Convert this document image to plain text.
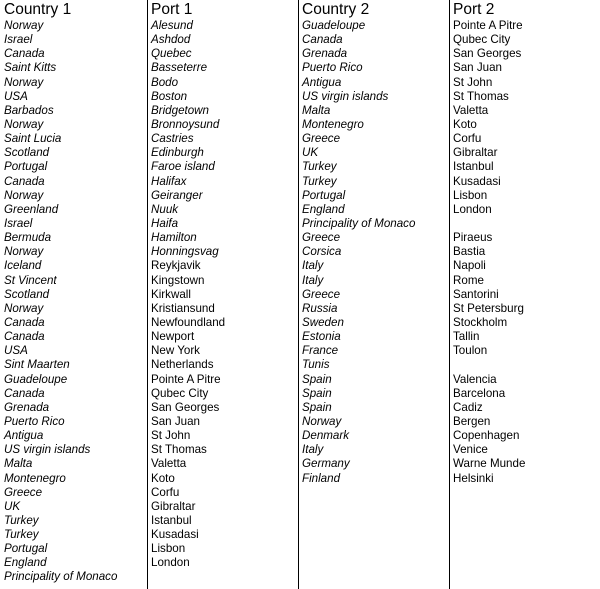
Country 1
Norway
Israel
Canada
Saint Kitts
Norway
USA
Barbados
Norway
Saint Lucia
Scotland
Portugal
Canada
Norway
Greenland
Israel
Bermuda
Norway
Iceland
St Vincent
Scotland
Norway
Canada
Canada
USA
Sint Maarten
Guadeloupe
Canada
Grenada
Puerto Rico
Antigua
US virgin islands
Malta
Montenegro
Greece
UK
Turkey
Turkey
Portugal
England
Principality of Monaco
Port 1
Alesund
Ashdod
Quebec
Basseterre
Bodo
Boston
Bridgetown
Bronnoysund
Castries
Edinburgh
Faroe island
Halifax
Geiranger
Nuuk
Haifa
Hamilton
Honningsvag
Reykjavik
Kingstown
Kirkwall
Kristiansund
Newfoundland
Newport
New York
Netherlands
Pointe A Pitre
Qubec City
San Georges
San Juan
St John
St Thomas
Valetta
Koto
Corfu
Gibraltar
Istanbul
Kusadasi
Lisbon
London
Country 2
Guadeloupe
Canada
Grenada
Puerto Rico
Antigua
US virgin islands
Malta
Montenegro
Greece
UK
Turkey
Turkey
Portugal
England
Principality of Monaco
Greece
Corsica
Italy
Italy
Greece
Russia
Sweden
Estonia
France
Tunis
Spain
Spain
Spain
Norway
Denmark
Italy
Germany
Finland
Port 2
Pointe A Pitre
Qubec City
San Georges
San Juan
St John
St Thomas
Valetta
Koto
Corfu
Gibraltar
Istanbul
Kusadasi
Lisbon
London
Piraeus
Bastia
Napoli
Rome
Santorini
St Petersburg
Stockholm
Tallin
Toulon
Valencia
Barcelona
Cadiz
Bergen
Copenhagen
Venice
Warne Munde
Helsinki
